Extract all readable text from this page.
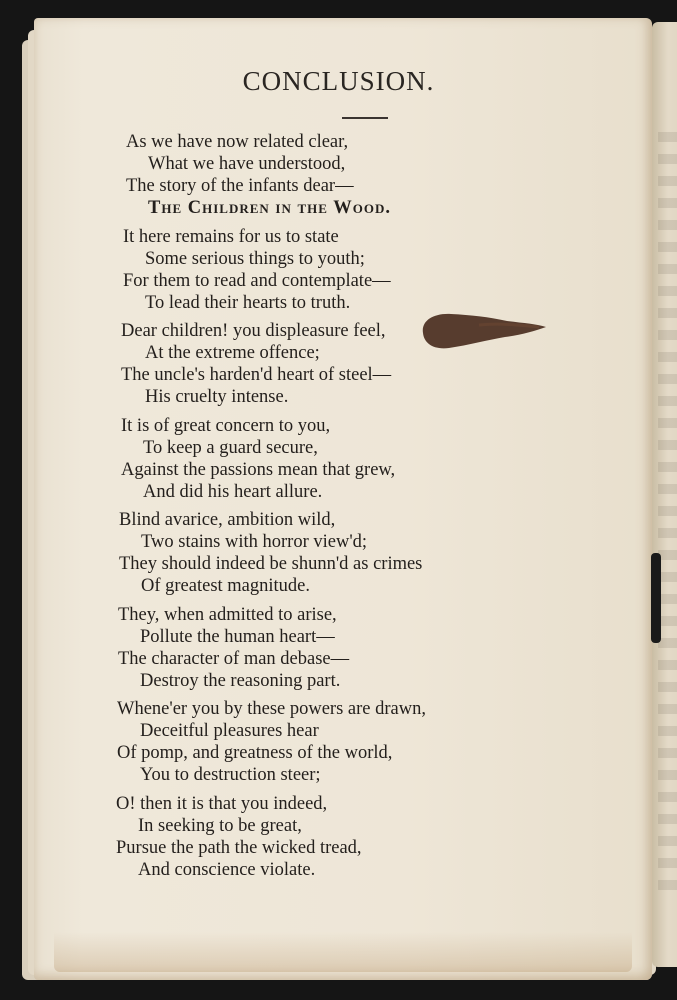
CONCLUSION.
As we have now related clear,
What we have understood,
The story of the infants dear—
The Children in the Wood.
It here remains for us to state
Some serious things to youth;
For them to read and contemplate—
To lead their hearts to truth.
Dear children! you displeasure feel,
At the extreme offence;
The uncle's harden'd heart of steel—
His cruelty intense.
It is of great concern to you,
To keep a guard secure,
Against the passions mean that grew,
And did his heart allure.
Blind avarice, ambition wild,
Two stains with horror view'd;
They should indeed be shunn'd as crimes
Of greatest magnitude.
They, when admitted to arise,
Pollute the human heart—
The character of man debase—
Destroy the reasoning part.
Whene'er you by these powers are drawn,
Deceitful pleasures hear
Of pomp, and greatness of the world,
You to destruction steer;
O! then it is that you indeed,
In seeking to be great,
Pursue the path the wicked tread,
And conscience violate.
